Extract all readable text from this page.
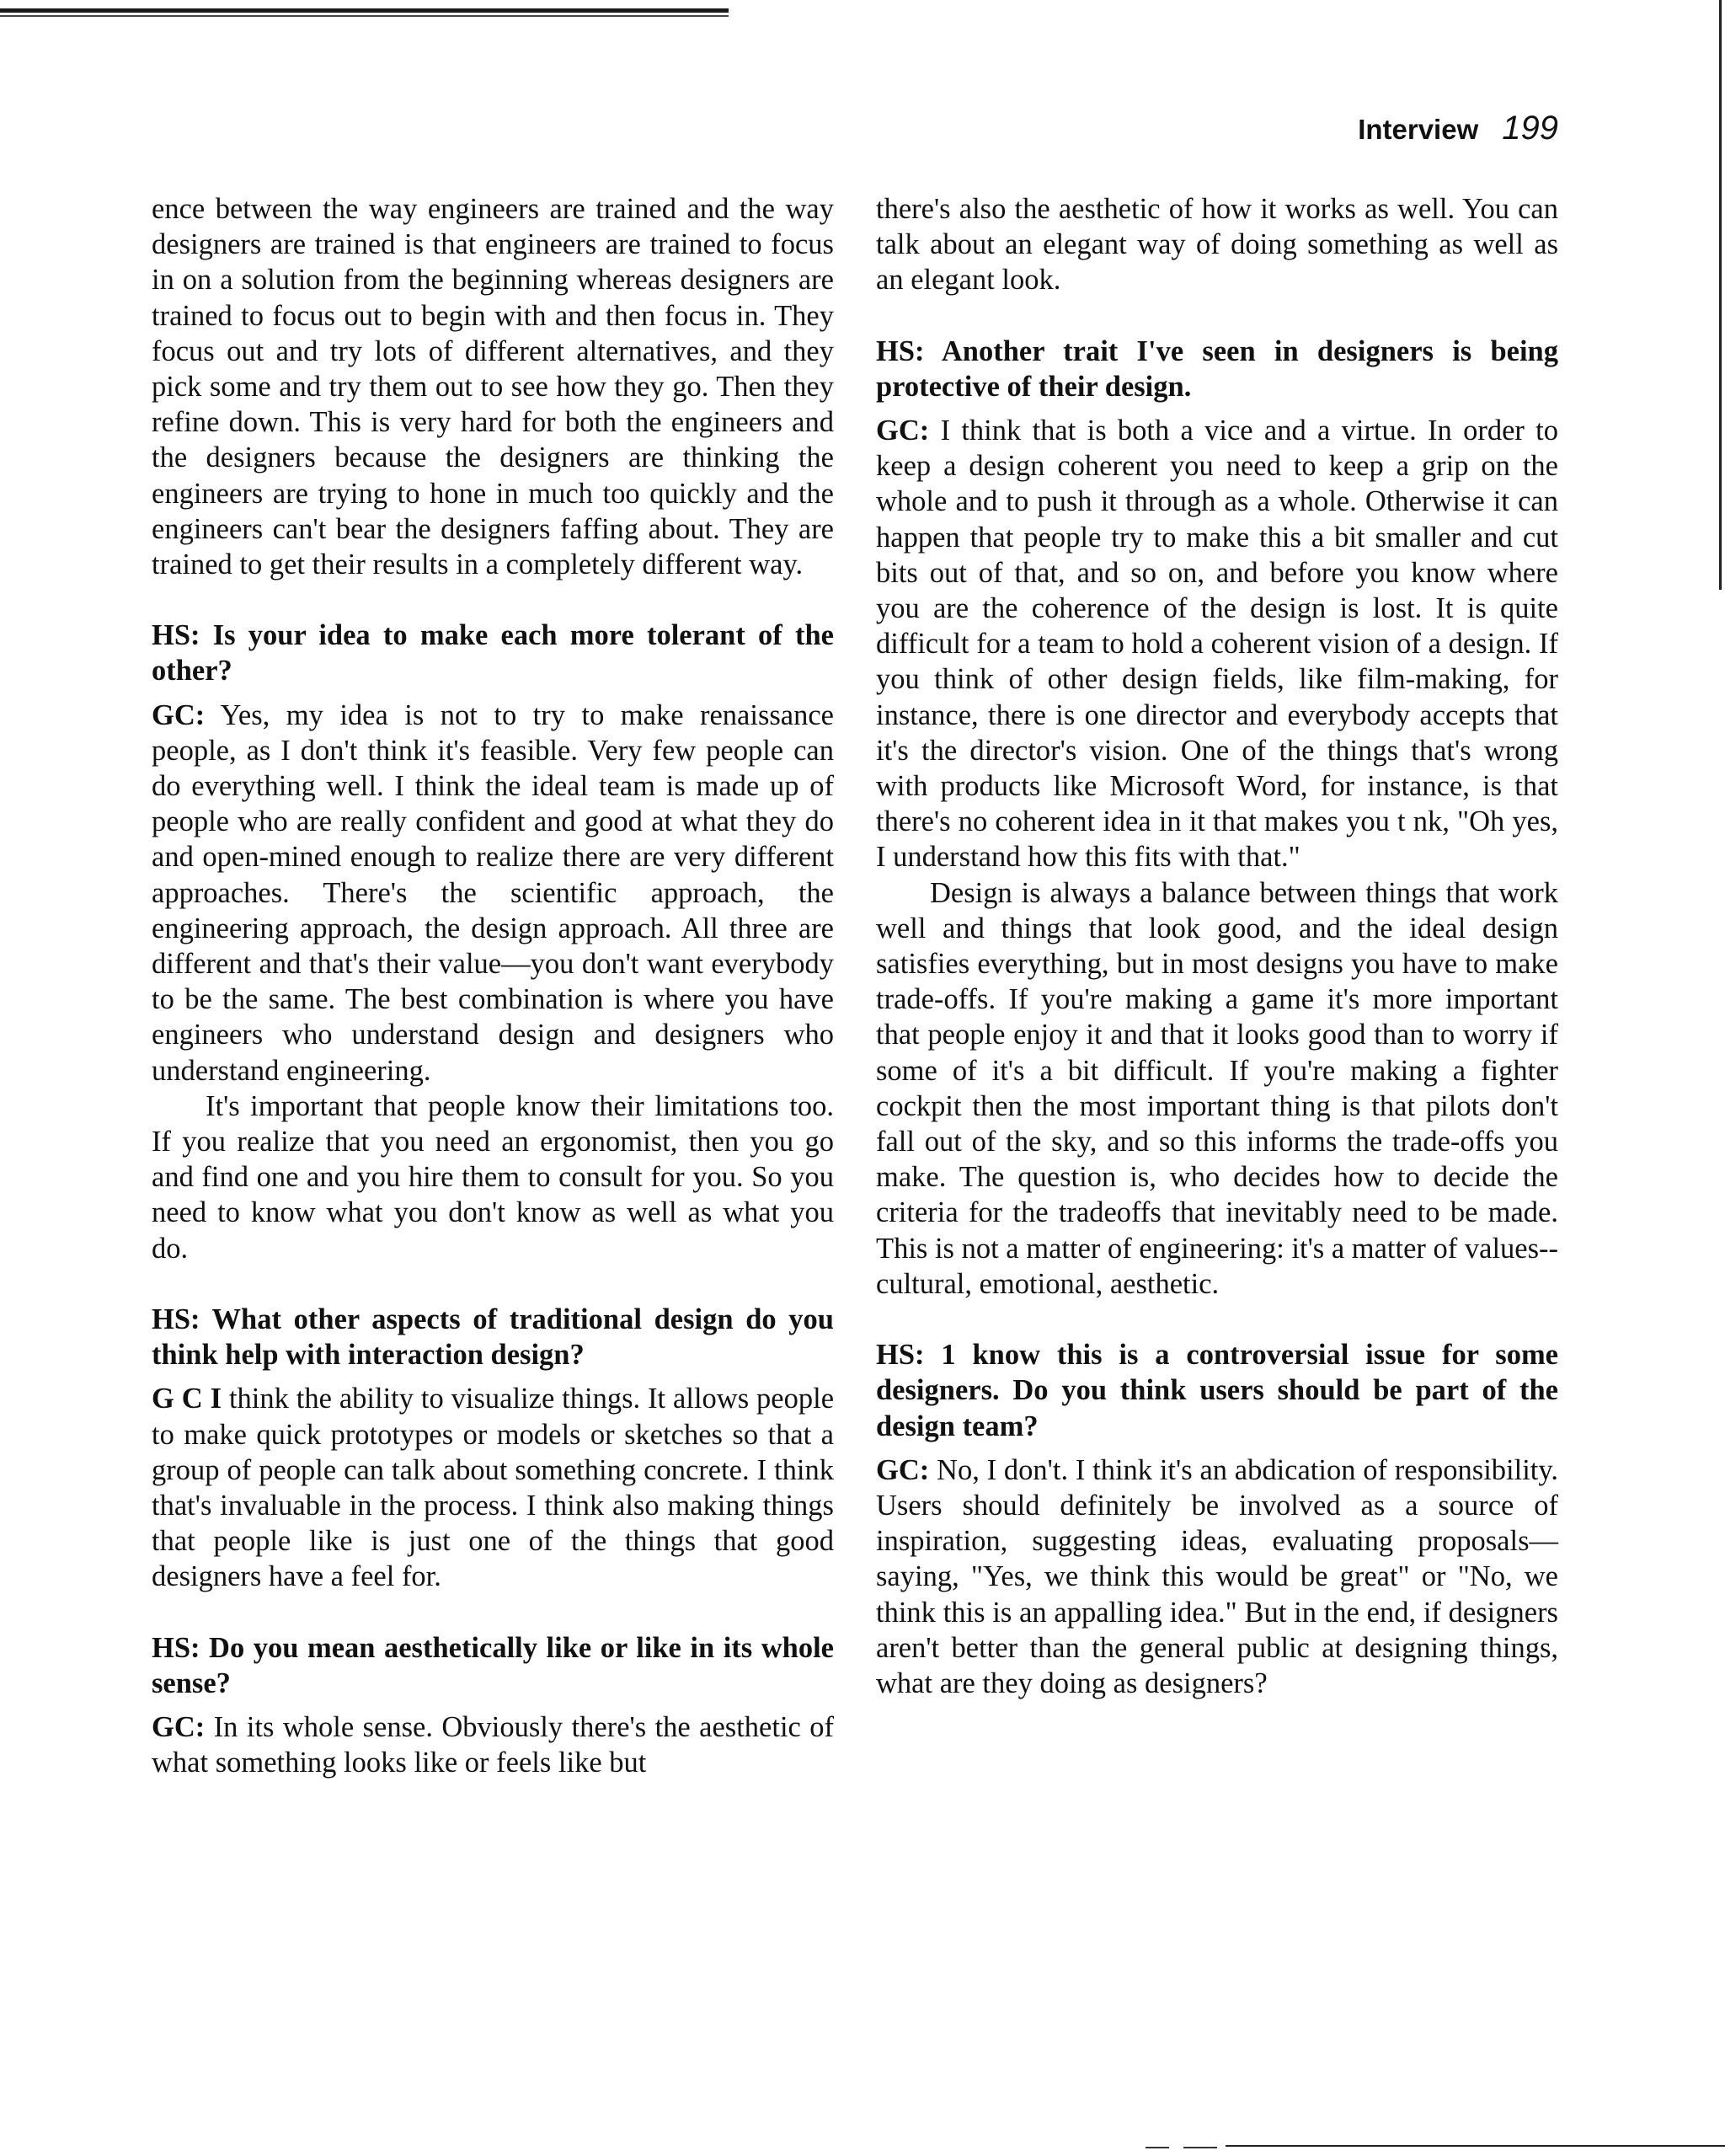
Interview 199

ence between the way engineers are trained and the way designers are trained is that engineers are trained to focus in on a solution from the beginning whereas designers are trained to focus out to begin with and then focus in. They focus out and try lots of different alternatives, and they pick some and try them out to see how they go. Then they refine down. This is very hard for both the engineers and the designers because the designers are thinking the engineers are trying to hone in much too quickly and the engineers can't bear the designers faffing about. They are trained to get their results in a completely different way.

HS: Is your idea to make each more tolerant of the other?

GC: Yes, my idea is not to try to make renaissance people, as I don't think it's feasible. Very few people can do everything well. I think the ideal team is made up of people who are really confident and good at what they do and open-mined enough to realize there are very different approaches. There's the scientific approach, the engineering approach, the design approach. All three are different and that's their value—you don't want everybody to be the same. The best combination is where you have engineers who understand design and designers who understand engineering.

It's important that people know their limitations too. If you realize that you need an ergonomist, then you go and find one and you hire them to consult for you. So you need to know what you don't know as well as what you do.

HS: What other aspects of traditional design do you think help with interaction design?

G C I think the ability to visualize things. It allows people to make quick prototypes or models or sketches so that a group of people can talk about something concrete. I think that's invaluable in the process. I think also making things that people like is just one of the things that good designers have a feel for.

HS: Do you mean aesthetically like or like in its whole sense?

GC: In its whole sense. Obviously there's the aesthetic of what something looks like or feels like but

there's also the aesthetic of how it works as well. You can talk about an elegant way of doing something as well as an elegant look.

HS: Another trait I've seen in designers is being protective of their design.

GC: I think that is both a vice and a virtue. In order to keep a design coherent you need to keep a grip on the whole and to push it through as a whole. Otherwise it can happen that people try to make this a bit smaller and cut bits out of that, and so on, and before you know where you are the coherence of the design is lost. It is quite difficult for a team to hold a coherent vision of a design. If you think of other design fields, like film-making, for instance, there is one director and everybody accepts that it's the director's vision. One of the things that's wrong with products like Microsoft Word, for instance, is that there's no coherent idea in it that makes you t nk, "Oh yes, I understand how this fits with that."

Design is always a balance between things that work well and things that look good, and the ideal design satisfies everything, but in most designs you have to make trade-offs. If you're making a game it's more important that people enjoy it and that it looks good than to worry if some of it's a bit difficult. If you're making a fighter cockpit then the most important thing is that pilots don't fall out of the sky, and so this informs the trade-offs you make. The question is, who decides how to decide the criteria for the tradeoffs that inevitably need to be made. This is not a matter of engineering: it's a matter of values--cultural, emotional, aesthetic.

HS: 1 know this is a controversial issue for some designers. Do you think users should be part of the design team?

GC: No, I don't. I think it's an abdication of responsibility. Users should definitely be involved as a source of inspiration, suggesting ideas, evaluating proposals—saying, "Yes, we think this would be great" or "No, we think this is an appalling idea." But in the end, if designers aren't better than the general public at designing things, what are they doing as designers?
